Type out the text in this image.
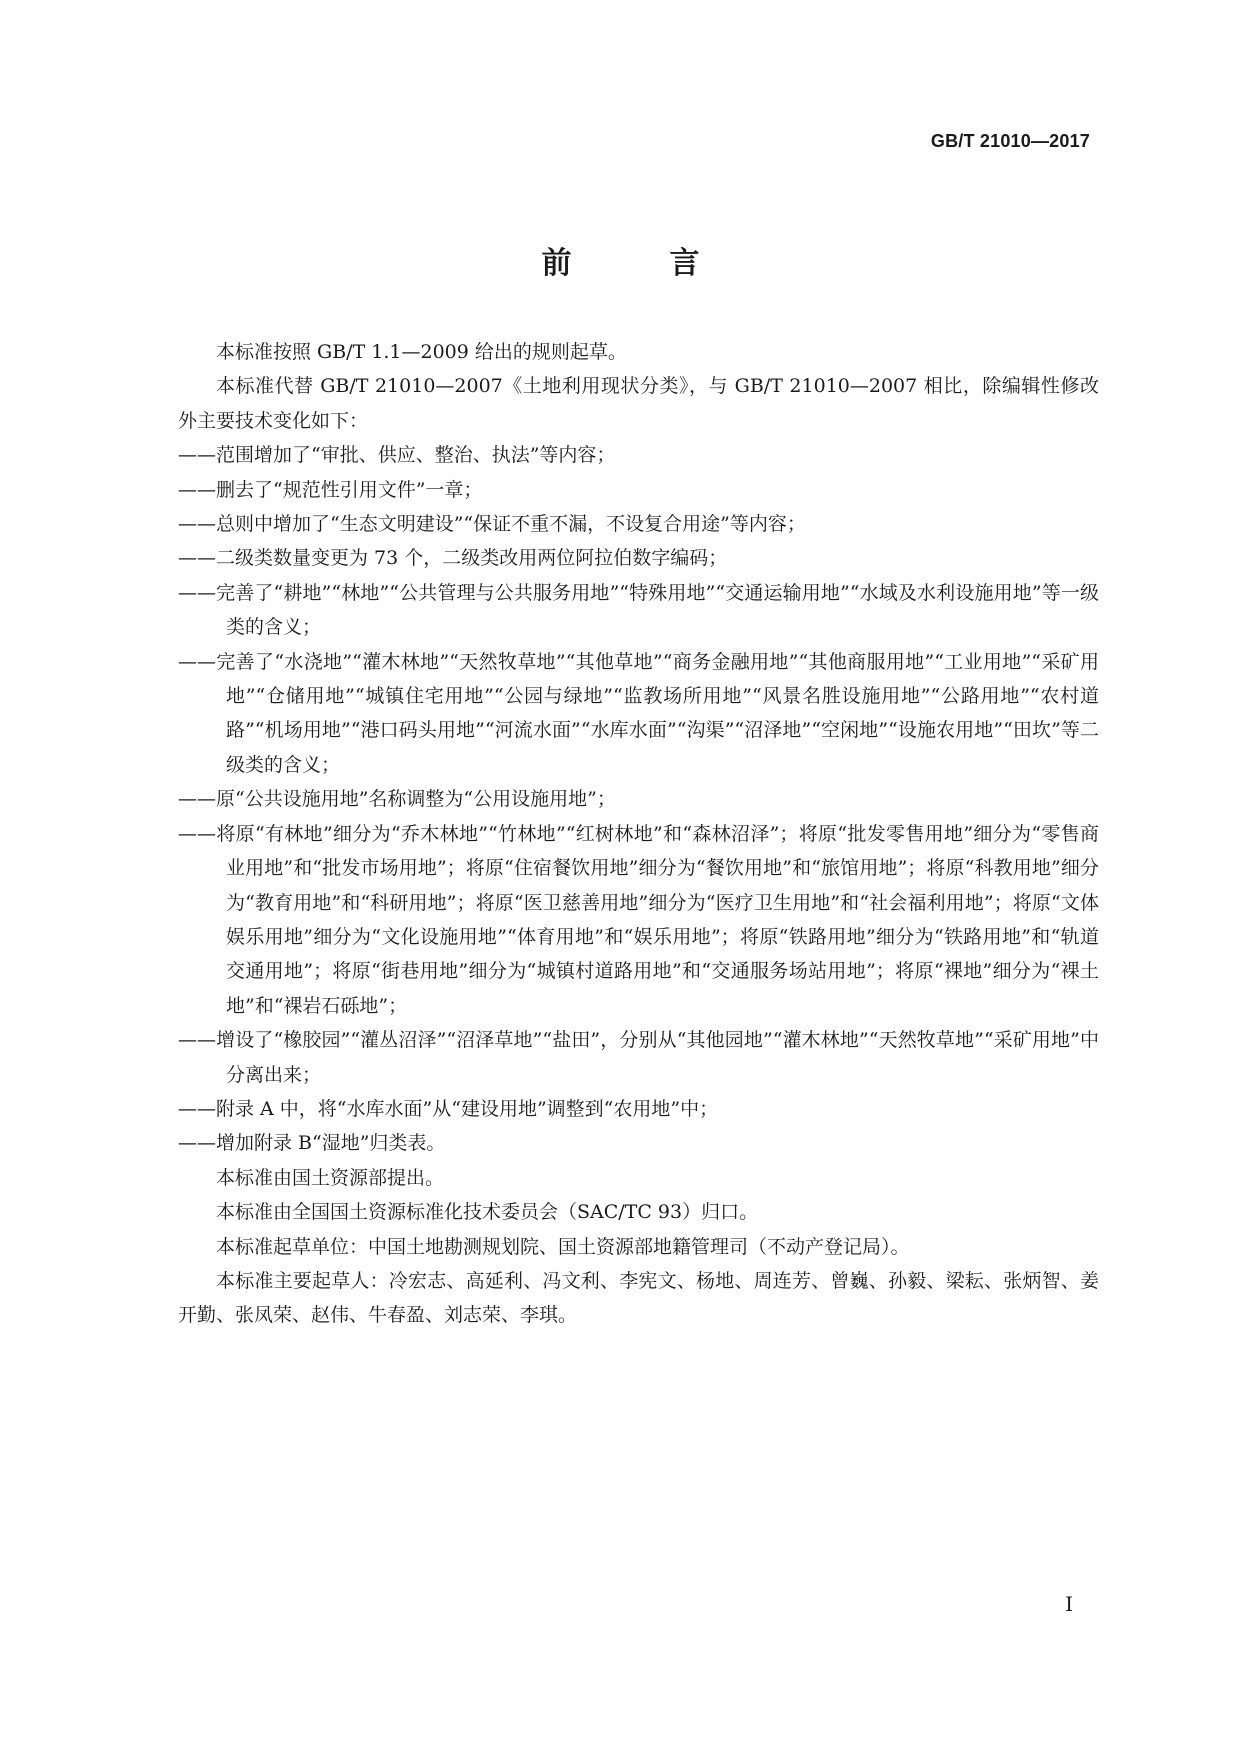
GB/T 21010—2017
前　言

本标准按照 GB/T 1.1—2009 给出的规则起草。

本标准代替 GB/T 21010—2007《土地利用现状分类》，与 GB/T 21010—2007 相比，除编辑性修改外主要技术变化如下：

——范围增加了“审批、供应、整治、执法”等内容；

——删去了“规范性引用文件”一章；

——总则中增加了“生态文明建设”“保证不重不漏，不设复合用途”等内容；

——二级类数量变更为 73 个，二级类改用两位阿拉伯数字编码；

——完善了“耕地”“林地”“公共管理与公共服务用地”“特殊用地”“交通运输用地”“水域及水利设施用地”等一级类的含义；

——完善了“水浇地”“灌木林地”“天然牧草地”“其他草地”“商务金融用地”“其他商服用地”“工业用地”“采矿用地”“仓储用地”“城镇住宅用地”“公园与绿地”“监教场所用地”“风景名胜设施用地”“公路用地”“农村道路”“机场用地”“港口码头用地”“河流水面”“水库水面”“沟渠”“沼泽地”“空闲地”“设施农用地”“田坎”等二级类的含义；

——原“公共设施用地”名称调整为“公用设施用地”；

——将原“有林地”细分为“乔木林地”“竹林地”“红树林地”和“森林沼泽”；将原“批发零售用地”细分为“零售商业用地”和“批发市场用地”；将原“住宿餐饮用地”细分为“餐饮用地”和“旅馆用地”；将原“科教用地”细分为“教育用地”和“科研用地”；将原“医卫慈善用地”细分为“医疗卫生用地”和“社会福利用地”；将原“文体娱乐用地”细分为“文化设施用地”“体育用地”和“娱乐用地”；将原“铁路用地”细分为“铁路用地”和“轨道交通用地”；将原“街巷用地”细分为“城镇村道路用地”和“交通服务场站用地”；将原“裸地”细分为“裸土地”和“裸岩石砾地”；

——增设了“橡胶园”“灌丛沼泽”“沼泽草地”“盐田”，分别从“其他园地”“灌木林地”“天然牧草地”“采矿用地”中分离出来；

——附录 A 中，将“水库水面”从“建设用地”调整到“农用地”中；

——增加附录 B“湿地”归类表。

本标准由国土资源部提出。

本标准由全国国土资源标准化技术委员会（SAC/TC 93）归口。

本标准起草单位：中国土地勘测规划院、国土资源部地籍管理司（不动产登记局）。

本标准主要起草人：冷宏志、高延利、冯文利、李宪文、杨地、周连芳、曾巍、孙毅、梁耘、张炳智、姜开勤、张凤荣、赵伟、牛春盈、刘志荣、李琪。

I
